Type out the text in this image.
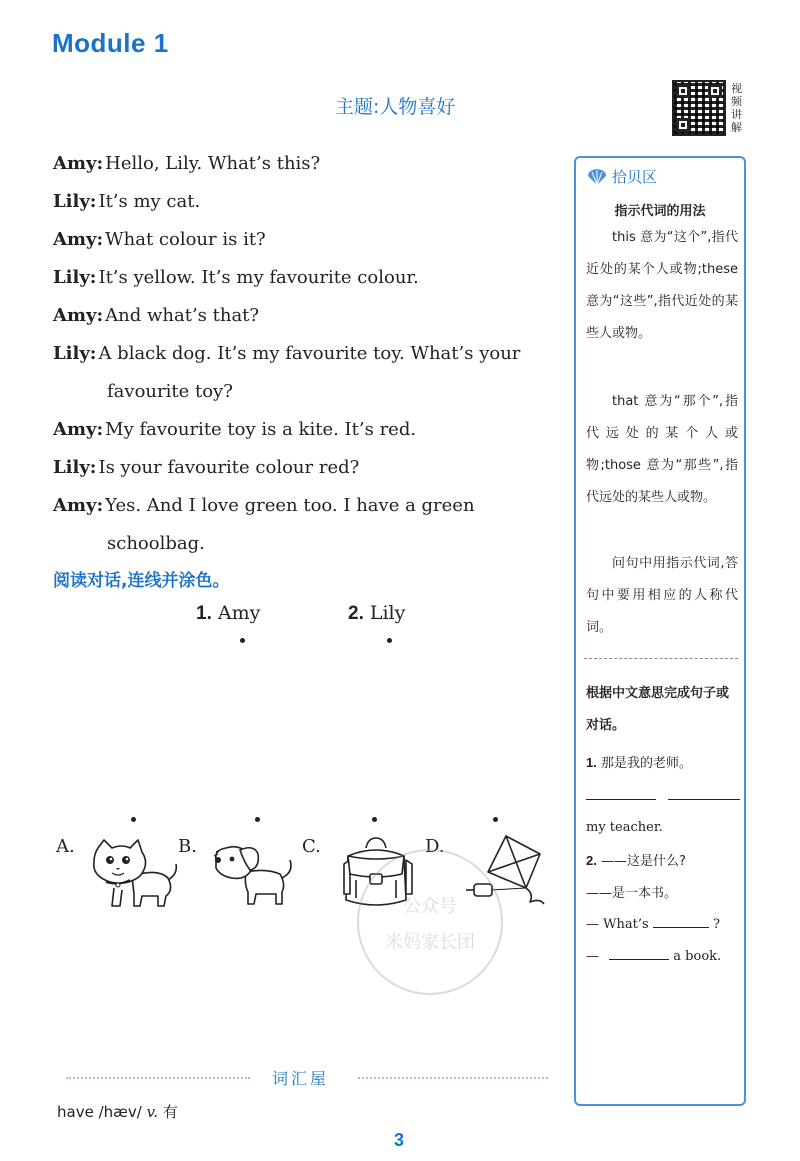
Module 1
主题:人物喜好
视频讲解
Amy : Hello, Lily. What’s this?
Lily : It’s my cat.
Amy : What colour is it?
Lily : It’s yellow. It’s my favourite colour.
Amy : And what’s that?
Lily : A black dog. It’s my favourite toy. What’s your
favourite toy?
Amy : My favourite toy is a kite. It’s red.
Lily : Is your favourite colour red?
Amy : Yes. And I love green too. I have a green
schoolbag.
阅读对话,连线并涂色。
1. Amy	2. Lily
A.	B.	C.	D.
公众号
米妈家长团
拾贝区
指示代词的用法
this 意为“这个”,指代近处的某个人或物;these 意为“这些”,指代近处的某些人或物。
that 意为“那个”,指代远处的某个人或物;those 意为“那些”,指代远处的某些人或物。
问句中用指示代词,答句中要用相应的人称代词。
根据中文意思完成句子或对话。
1. 那是我的老师。

my teacher.
2. ——这是什么?
——是一本书。
— What’s	?
—	a book.
词汇屋
have /hæv/ v. 有
3
